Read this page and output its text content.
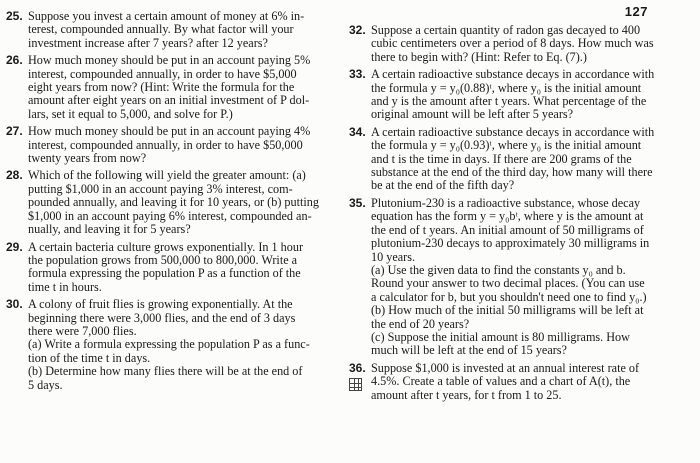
127
25. Suppose you invest a certain amount of money at 6% in-
terest, compounded annually. By what factor will your
investment increase after 7 years? after 12 years?
26. How much money should be put in an account paying 5%
interest, compounded annually, in order to have $5,000
eight years from now? (Hint: Write the formula for the
amount after eight years on an initial investment of P dol-
lars, set it equal to 5,000, and solve for P.)
27. How much money should be put in an account paying 4%
interest, compounded annually, in order to have $50,000
twenty years from now?
28. Which of the following will yield the greater amount: (a)
putting $1,000 in an account paying 3% interest, com-
pounded annually, and leaving it for 10 years, or (b) putting
$1,000 in an account paying 6% interest, compounded an-
nually, and leaving it for 5 years?
29. A certain bacteria culture grows exponentially. In 1 hour
the population grows from 500,000 to 800,000. Write a
formula expressing the population P as a function of the
time t in hours.
30. A colony of fruit flies is growing exponentially. At the
beginning there were 3,000 flies, and the end of 3 days
there were 7,000 flies.
(a) Write a formula expressing the population P as a func-
tion of the time t in days.
(b) Determine how many flies there will be at the end of
5 days.
32. Suppose a certain quantity of radon gas decayed to 400
cubic centimeters over a period of 8 days. How much was
there to begin with? (Hint: Refer to Eq. (7).)
33. A certain radioactive substance decays in accordance with
the formula y = y₀(0.88)ᵗ, where y₀ is the initial amount
and y is the amount after t years. What percentage of the
original amount will be left after 5 years?
34. A certain radioactive substance decays in accordance with
the formula y = y₀(0.93)ᵗ, where y₀ is the initial amount
and t is the time in days. If there are 200 grams of the
substance at the end of the third day, how many will there
be at the end of the fifth day?
35. Plutonium-230 is a radioactive substance, whose decay
equation has the form y = y₀bᵗ, where y is the amount at
the end of t years. An initial amount of 50 milligrams of
plutonium-230 decays to approximately 30 milligrams in
10 years.
(a) Use the given data to find the constants y₀ and b.
Round your answer to two decimal places. (You can use
a calculator for b, but you shouldn't need one to find y₀.)
(b) How much of the initial 50 milligrams will be left at
the end of 20 years?
(c) Suppose the initial amount is 80 milligrams. How
much will be left at the end of 15 years?
36. Suppose $1,000 is invested at an annual interest rate of
4.5%. Create a table of values and a chart of A(t), the
amount after t years, for t from 1 to 25.
